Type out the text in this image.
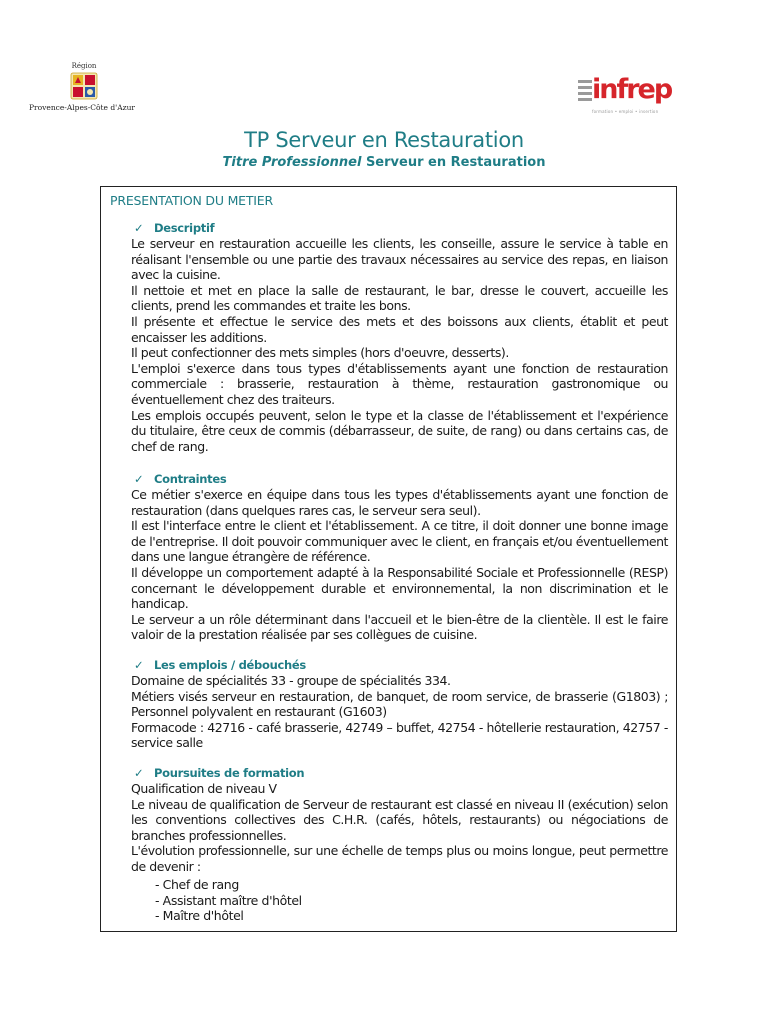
Région
Provence-Alpes-Côte d'Azur
infrep
formation • emploi • insertion
TP Serveur en Restauration
Titre Professionnel Serveur en Restauration
PRESENTATION DU METIER
✓ Descriptif
Le serveur en restauration accueille les clients, les conseille, assure le service à table en réalisant l'ensemble ou une partie des travaux nécessaires au service des repas, en liaison avec la cuisine.
Il nettoie et met en place la salle de restaurant, le bar, dresse le couvert, accueille les clients, prend les commandes et traite les bons.
Il présente et effectue le service des mets et des boissons aux clients, établit et peut encaisser les additions.
Il peut confectionner des mets simples (hors d'oeuvre, desserts).
L'emploi s'exerce dans tous types d'établissements ayant une fonction de restauration commerciale : brasserie, restauration à thème, restauration gastronomique ou éventuellement chez des traiteurs.
Les emplois occupés peuvent, selon le type et la classe de l'établissement et l'expérience du titulaire, être ceux de commis (débarrasseur, de suite, de rang) ou dans certains cas, de chef de rang.
✓ Contraintes
Ce métier s'exerce en équipe dans tous les types d'établissements ayant une fonction de restauration (dans quelques rares cas, le serveur sera seul).
Il est l'interface entre le client et l'établissement. A ce titre, il doit donner une bonne image de l'entreprise. Il doit pouvoir communiquer avec le client, en français et/ou éventuellement dans une langue étrangère de référence.
Il développe un comportement adapté à la Responsabilité Sociale et Professionnelle (RESP) concernant le développement durable et environnemental, la non discrimination et le handicap.
Le serveur a un rôle déterminant dans l'accueil et le bien-être de la clientèle. Il est le faire valoir de la prestation réalisée par ses collègues de cuisine.
✓ Les emplois / débouchés
Domaine de spécialités 33 - groupe de spécialités 334.
Métiers visés serveur en restauration, de banquet, de room service, de brasserie (G1803) ; Personnel polyvalent en restaurant (G1603)
Formacode : 42716 - café brasserie, 42749 – buffet, 42754 - hôtellerie restauration, 42757 - service salle
✓ Poursuites de formation
Qualification de niveau V
Le niveau de qualification de Serveur de restaurant est classé en niveau II (exécution) selon les conventions collectives des C.H.R. (cafés, hôtels, restaurants) ou négociations de branches professionnelles.
L'évolution professionnelle, sur une échelle de temps plus ou moins longue, peut permettre de devenir :
- Chef de rang
- Assistant maître d'hôtel
- Maître d'hôtel
